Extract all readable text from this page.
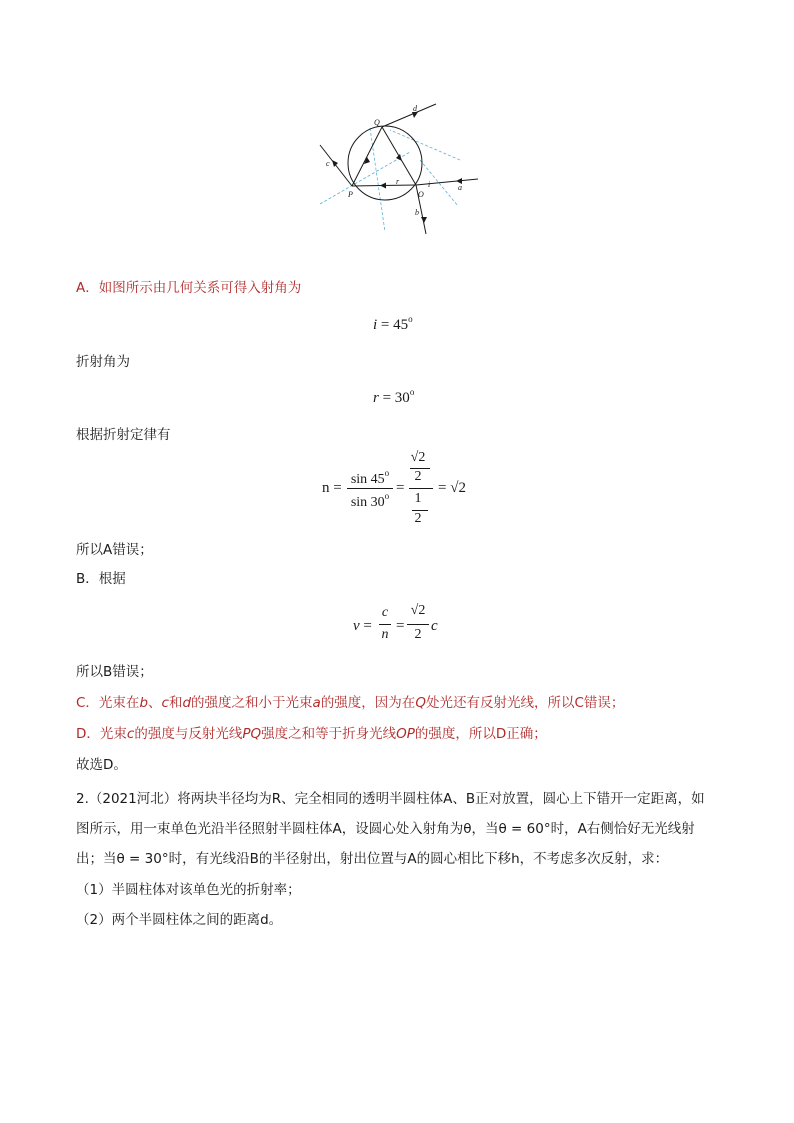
Q
P	O
a
b
c
d
r	i
A．如图所示由几何关系可得入射角为
$i = 45^o$
折射角为
$r = 30^o$
根据折射定律有
n =
sin 45$^o$
$\sin 30^o$ =
√2
2
1
2
= √2
所以A错误；
B．根据
v =
c
n
=
√2
2
c
所以B错误；
C．光束在b、c和d的强度之和小于光束a的强度，因为在Q处光还有反射光线，所以C错误；
D．光束c的强度与反射光线PQ强度之和等于折身光线OP的强度，所以D正确；
故选D。
2.（2021河北）将两块半径均为R、完全相同的透明半圆柱体A、B正对放置，圆心上下错开一定距离，如
图所示，用一束单色光沿半径照射半圆柱体A，设圆心处入射角为θ，当θ = 60°时，A右侧恰好无光线射
出；当θ = 30°时，有光线沿B的半径射出，射出位置与A的圆心相比下移h，不考虑多次反射，求：
（1）半圆柱体对该单色光的折射率；
（2）两个半圆柱体之间的距离d。
